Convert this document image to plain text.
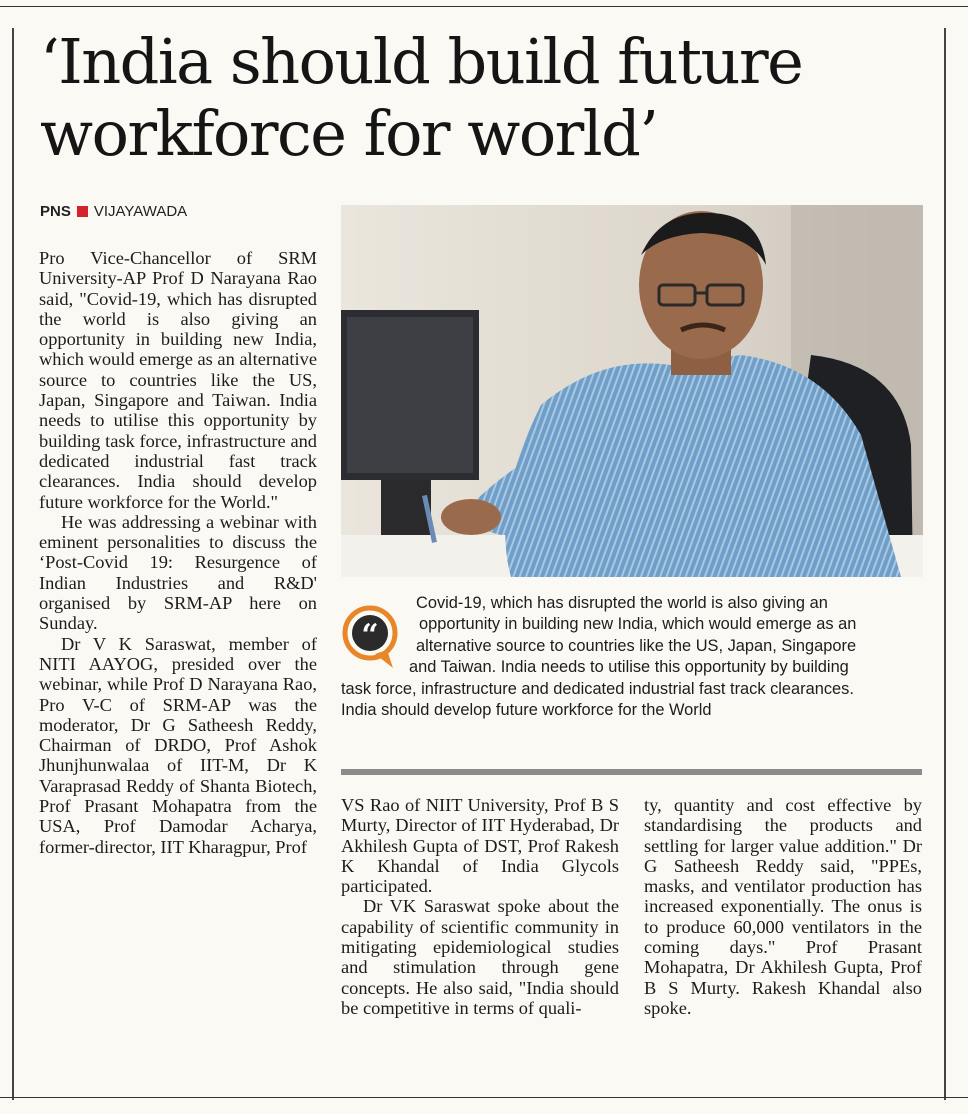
‘India should build future workforce for world’
PNS VIJAYAWADA

Pro Vice-Chancellor of SRM University-AP Prof D Narayana Rao said, "Covid-19, which has disrupted the world is also giving an opportunity in building new India, which would emerge as an alternative source to countries like the US, Japan, Singapore and Taiwan. India needs to utilise this opportunity by building task force, infrastructure and dedicated industrial fast track clearances. India should develop future workforce for the World."

He was addressing a webinar with eminent personalities to discuss the ‘Post-Covid 19: Resurgence of Indian Industries and R&D' organised by SRM-AP here on Sunday.

Dr V K Saraswat, member of NITI AAYOG, presided over the webinar, while Prof D Narayana Rao, Pro V-C of SRM-AP was the moderator, Dr G Satheesh Reddy, Chairman of DRDO, Prof Ashok Jhunjhunwalaa of IIT-M, Dr K Varaprasad Reddy of Shanta Biotech, Prof Prasant Mohapatra from the USA, Prof Damodar Acharya, former-director, IIT Kharagpur, Prof

“
Covid-19, which has disrupted the world is also giving an
opportunity in building new India, which would emerge as an
alternative source to countries like the US, Japan, Singapore
and Taiwan. India needs to utilise this opportunity by building
task force, infrastructure and dedicated industrial fast track clearances.
India should develop future workforce for the World

VS Rao of NIIT University, Prof B S Murty, Director of IIT Hyderabad, Dr Akhilesh Gupta of DST, Prof Rakesh K Khandal of India Glycols participated.

Dr VK Saraswat spoke about the capability of scientific community in mitigating epidemiological studies and stimulation through gene concepts. He also said, "India should be competitive in terms of quali-

ty, quantity and cost effective by standardising the products and settling for larger value addition." Dr G Satheesh Reddy said, "PPEs, masks, and ventilator production has increased exponentially. The onus is to produce 60,000 ventilators in the coming days." Prof Prasant Mohapatra, Dr Akhilesh Gupta, Prof B S Murty. Rakesh Khandal also spoke.
